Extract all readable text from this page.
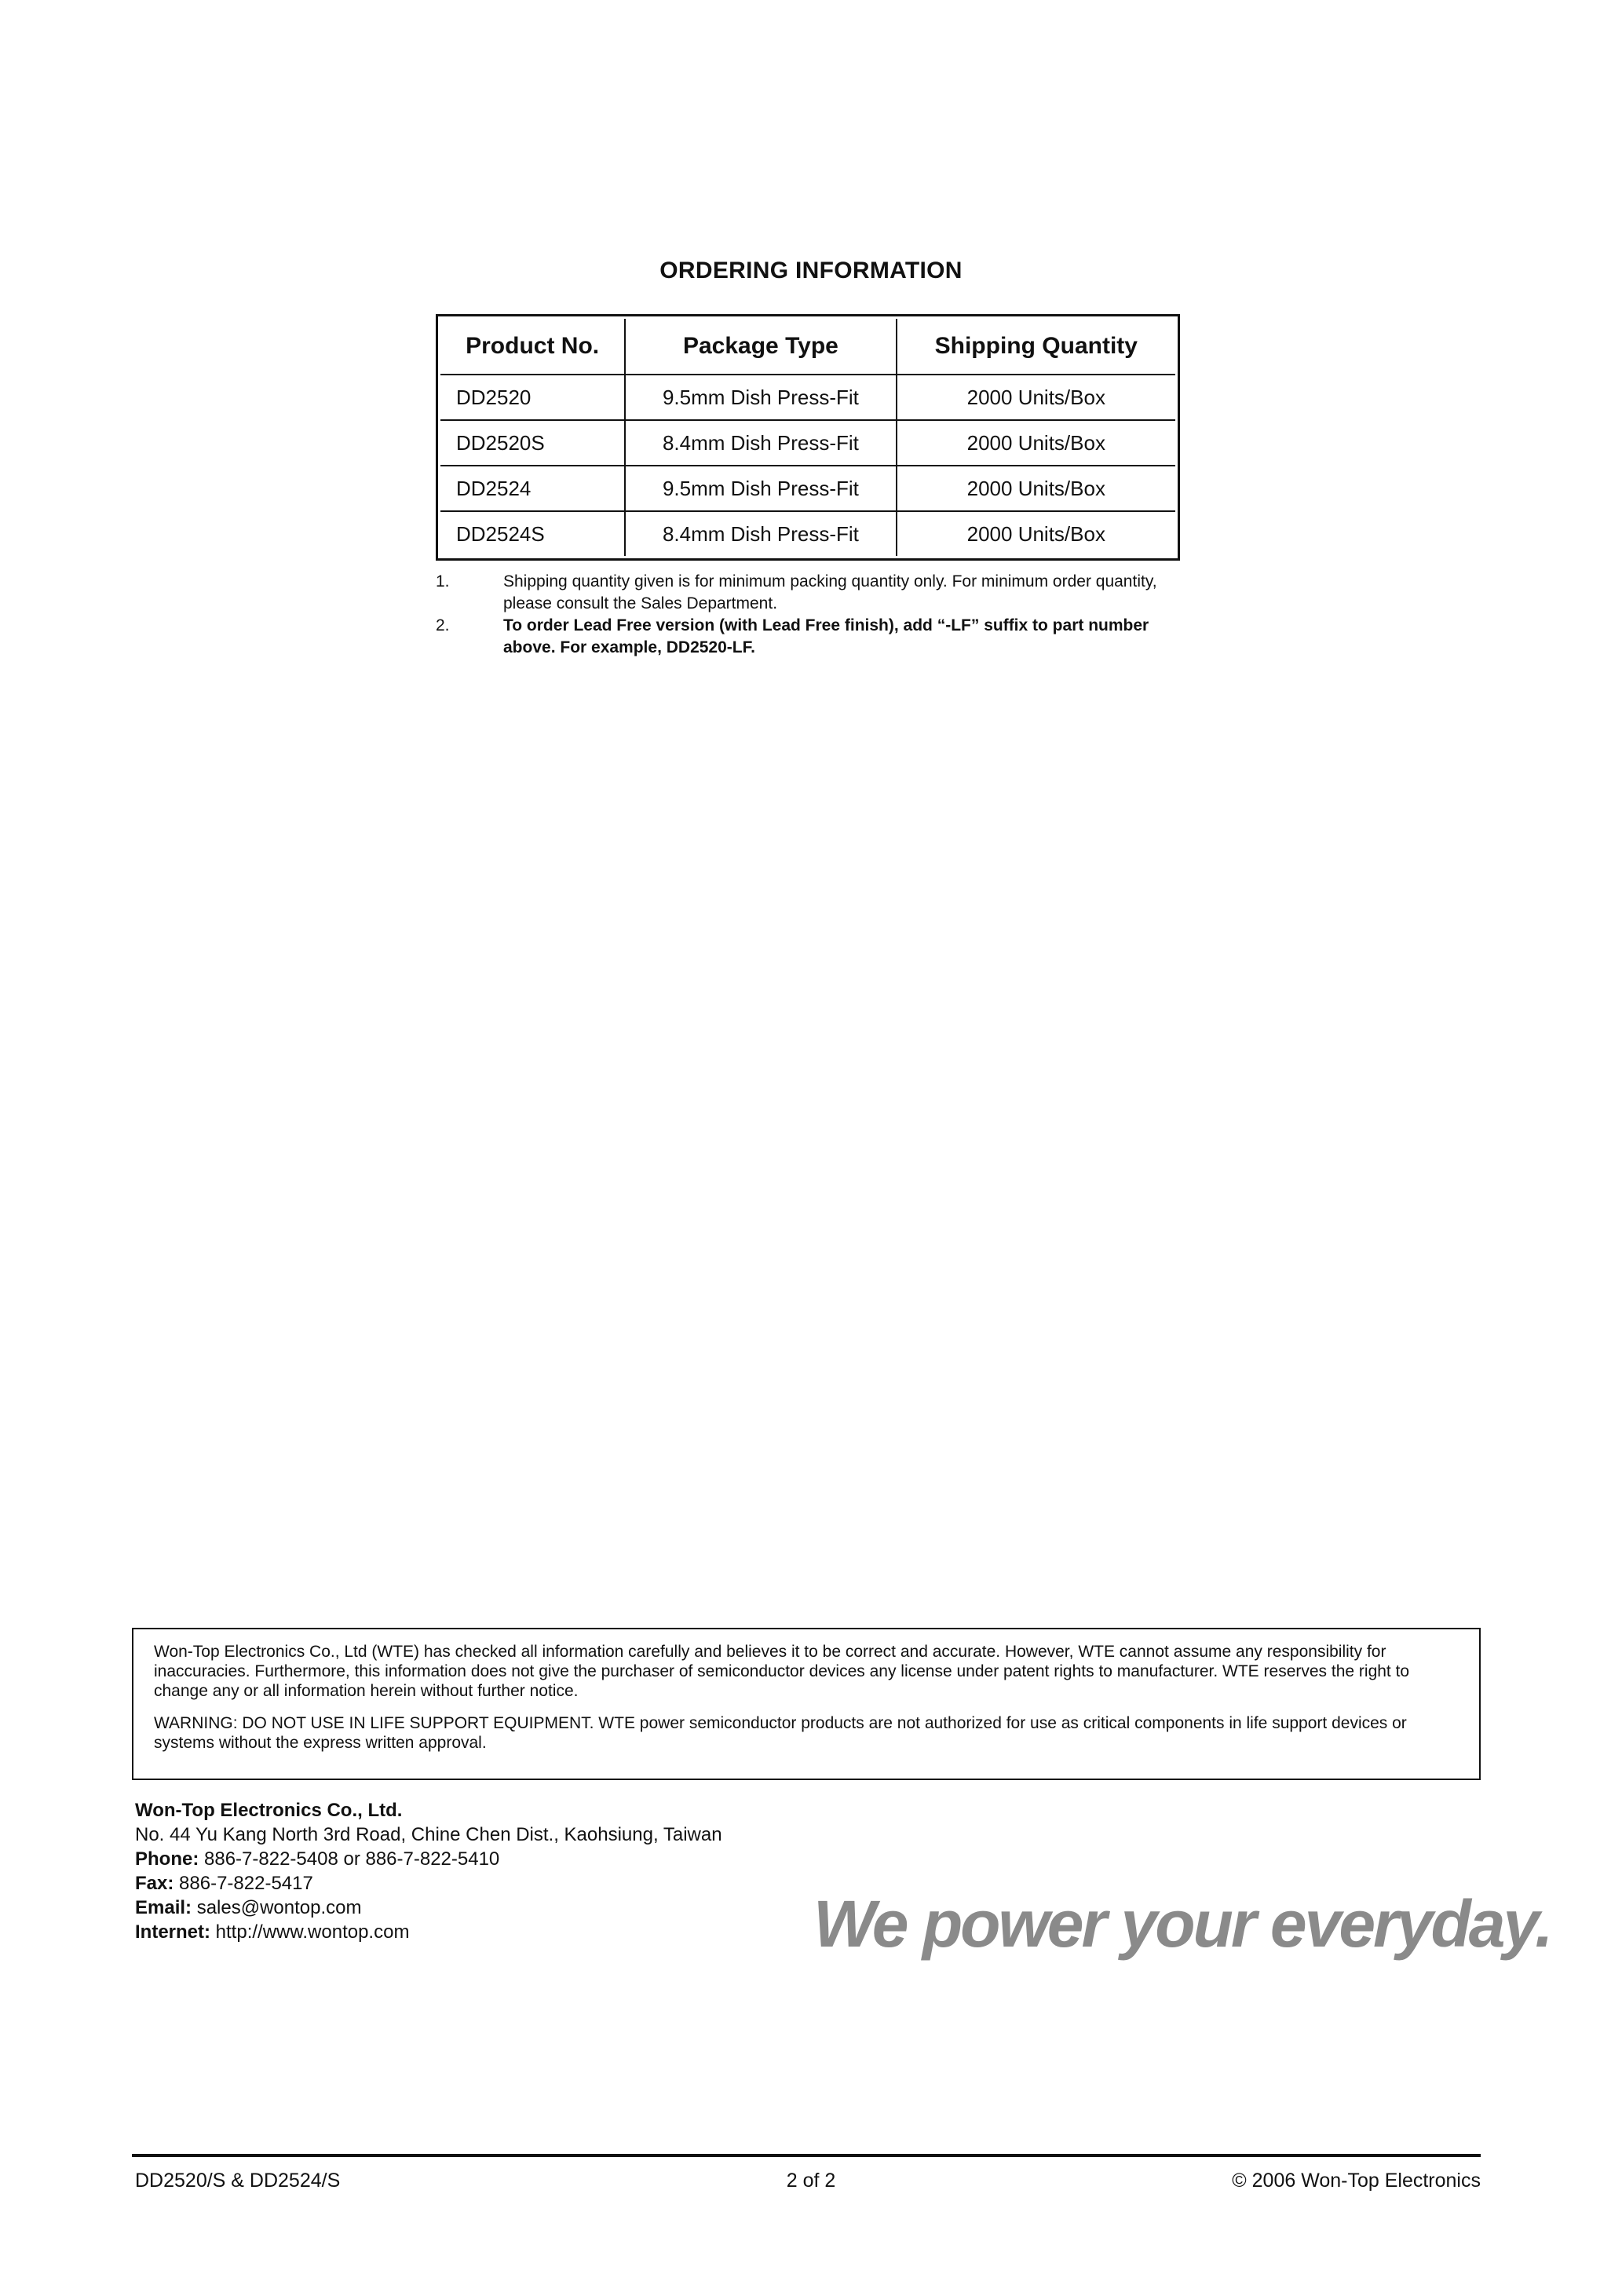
ORDERING INFORMATION
Product No.	Package Type	Shipping Quantity
DD2520	9.5mm Dish Press-Fit	2000 Units/Box
DD2520S	8.4mm Dish Press-Fit	2000 Units/Box
DD2524	9.5mm Dish Press-Fit	2000 Units/Box
DD2524S	8.4mm Dish Press-Fit	2000 Units/Box
1.	Shipping quantity given is for minimum packing quantity only. For minimum order quantity, please consult the Sales Department.
2.	To order Lead Free version (with Lead Free finish), add “-LF” suffix to part number above. For example, DD2520-LF.

Won-Top Electronics Co., Ltd (WTE) has checked all information carefully and believes it to be correct and accurate. However, WTE cannot assume any responsibility for inaccuracies. Furthermore, this information does not give the purchaser of semiconductor devices any license under patent rights to manufacturer. WTE reserves the right to change any or all information herein without further notice.

WARNING: DO NOT USE IN LIFE SUPPORT EQUIPMENT. WTE power semiconductor products are not authorized for use as critical components in life support devices or systems without the express written approval.

Won-Top Electronics Co., Ltd.
No. 44 Yu Kang North 3rd Road, Chine Chen Dist., Kaohsiung, Taiwan
Phone: 886-7-822-5408 or 886-7-822-5410
Fax: 886-7-822-5417
Email: sales@wontop.com
Internet: http://www.wontop.com	We power your everyday.
DD2520/S & DD2524/S	2 of 2	© 2006 Won-Top Electronics
